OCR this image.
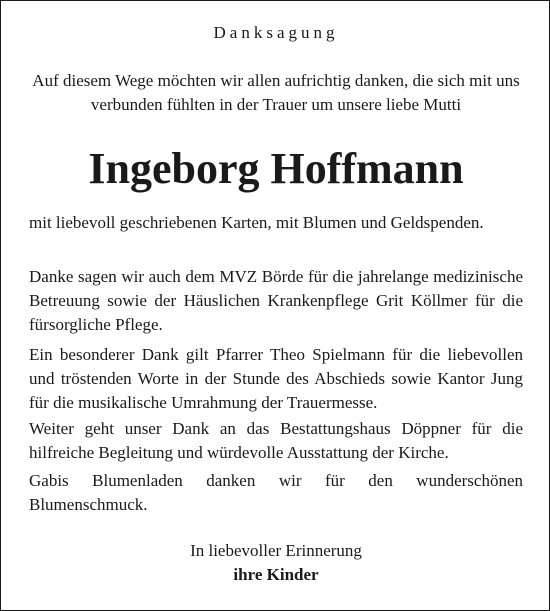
Danksagung
Auf diesem Wege möchten wir allen aufrichtig danken, die sich mit uns verbunden fühlten in der Trauer um unsere liebe Mutti
Ingeborg Hoffmann
mit liebevoll geschriebenen Karten, mit Blumen und Geldspenden.
Danke sagen wir auch dem MVZ Börde für die jahrelange medizinische Betreuung sowie der Häuslichen Krankenpflege Grit Köllmer für die fürsorgliche Pflege.
Ein besonderer Dank gilt Pfarrer Theo Spielmann für die liebevollen und tröstenden Worte in der Stunde des Abschieds sowie Kantor Jung für die musikalische Umrahmung der Trauermesse.
Weiter geht unser Dank an das Bestattungshaus Döppner für die hilfreiche Begleitung und würdevolle Ausstattung der Kirche.
Gabis Blumenladen danken wir für den wunderschönen Blumenschmuck.
In liebevoller Erinnerung
ihre Kinder
